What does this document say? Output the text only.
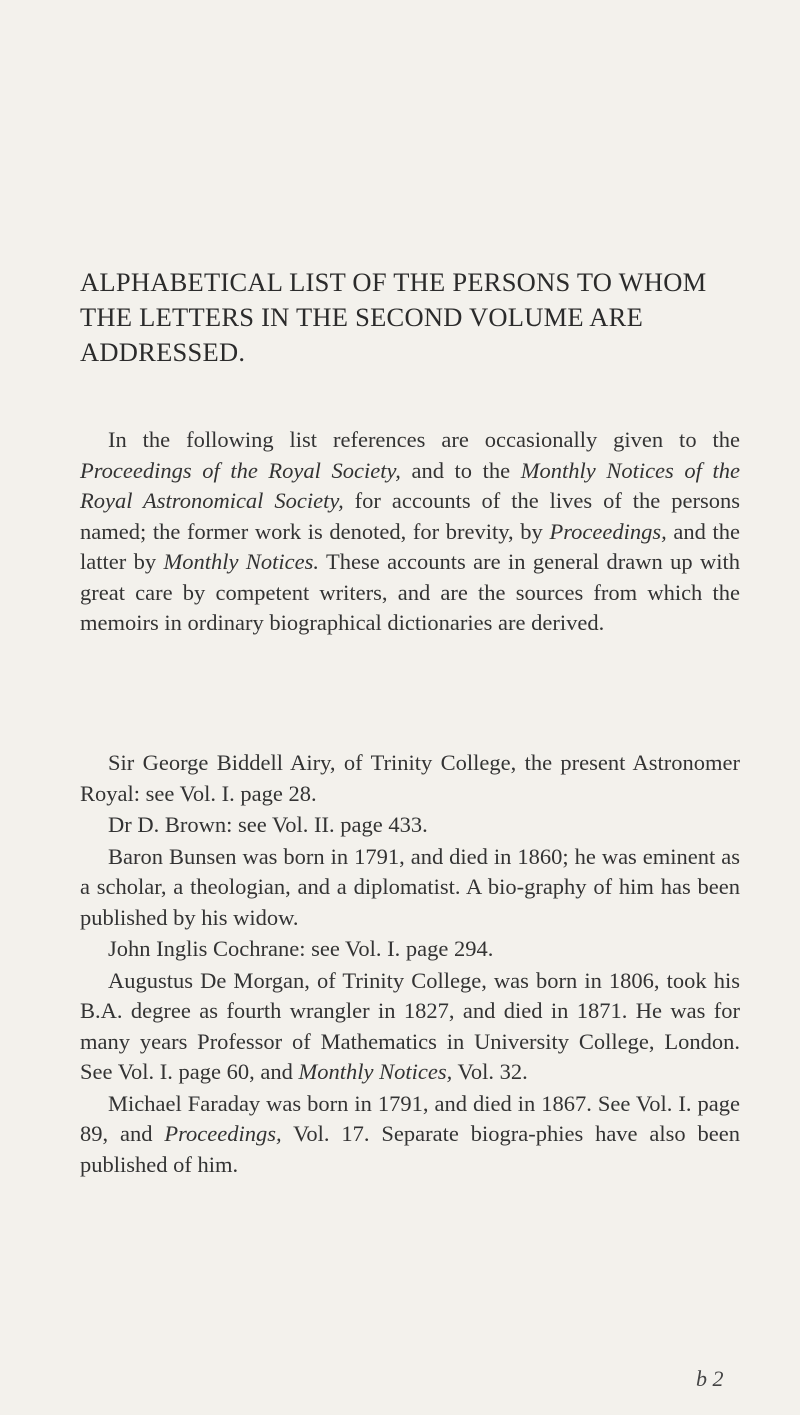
ALPHABETICAL LIST OF THE PERSONS TO WHOM THE LETTERS IN THE SECOND VOLUME ARE ADDRESSED.

In the following list references are occasionally given to the Proceedings of the Royal Society, and to the Monthly Notices of the Royal Astronomical Society, for accounts of the lives of the persons named; the former work is denoted, for brevity, by Proceedings, and the latter by Monthly Notices. These accounts are in general drawn up with great care by competent writers, and are the sources from which the memoirs in ordinary biographical dictionaries are derived.

Sir George Biddell Airy, of Trinity College, the present Astronomer Royal: see Vol. I. page 28.

Dr D. Brown: see Vol. II. page 433.

Baron Bunsen was born in 1791, and died in 1860; he was eminent as a scholar, a theologian, and a diplomatist. A bio-graphy of him has been published by his widow.

John Inglis Cochrane: see Vol. I. page 294.

Augustus De Morgan, of Trinity College, was born in 1806, took his B.A. degree as fourth wrangler in 1827, and died in 1871. He was for many years Professor of Mathematics in University College, London. See Vol. I. page 60, and Monthly Notices, Vol. 32.

Michael Faraday was born in 1791, and died in 1867. See Vol. I. page 89, and Proceedings, Vol. 17. Separate biogra-phies have also been published of him.

b 2
